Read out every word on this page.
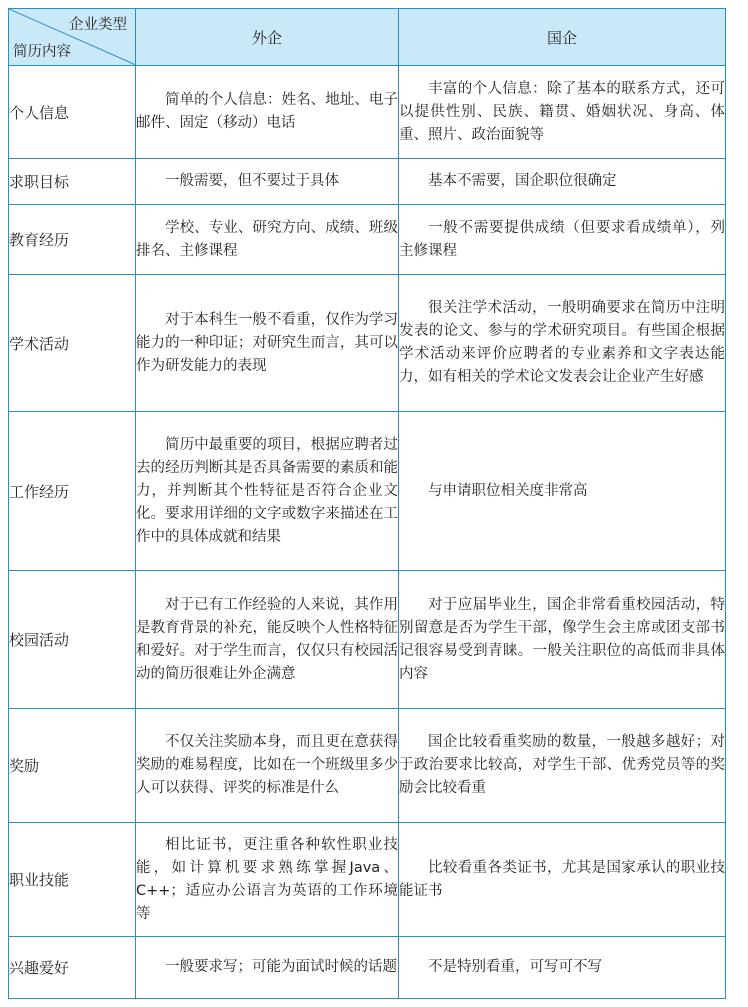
企业类型
简历内容	外企	国企
个人信息	简单的个人信息：姓名、地址、电子邮件、固定（移动）电话	丰富的个人信息：除了基本的联系方式，还可以提供性别、民族、籍贯、婚姻状况、身高、体重、照片、政治面貌等
求职目标	一般需要，但不要过于具体	基本不需要，国企职位很确定
教育经历	学校、专业、研究方向、成绩、班级排名、主修课程	一般不需要提供成绩（但要求看成绩单），列主修课程
学术活动	对于本科生一般不看重，仅作为学习能力的一种印证；对研究生而言，其可以作为研发能力的表现	很关注学术活动，一般明确要求在简历中注明发表的论文、参与的学术研究项目。有些国企根据学术活动来评价应聘者的专业素养和文字表达能力，如有相关的学术论文发表会让企业产生好感
工作经历	简历中最重要的项目，根据应聘者过去的经历判断其是否具备需要的素质和能力，并判断其个性特征是否符合企业文化。要求用详细的文字或数字来描述在工作中的具体成就和结果	与申请职位相关度非常高
校园活动	对于已有工作经验的人来说，其作用是教育背景的补充，能反映个人性格特征和爱好。对于学生而言，仅仅只有校园活动的简历很难让外企满意	对于应届毕业生，国企非常看重校园活动，特别留意是否为学生干部，像学生会主席或团支部书记很容易受到青睐。一般关注职位的高低而非具体内容
奖励	不仅关注奖励本身，而且更在意获得奖励的难易程度，比如在一个班级里多少人可以获得、评奖的标准是什么	国企比较看重奖励的数量，一般越多越好；对于政治要求比较高，对学生干部、优秀党员等的奖励会比较看重
职业技能	相比证书，更注重各种软性职业技能，如计算机要求熟练掌握Java、C++；适应办公语言为英语的工作环境等	比较看重各类证书，尤其是国家承认的职业技能证书
兴趣爱好	一般要求写；可能为面试时候的话题	不是特别看重，可写可不写
